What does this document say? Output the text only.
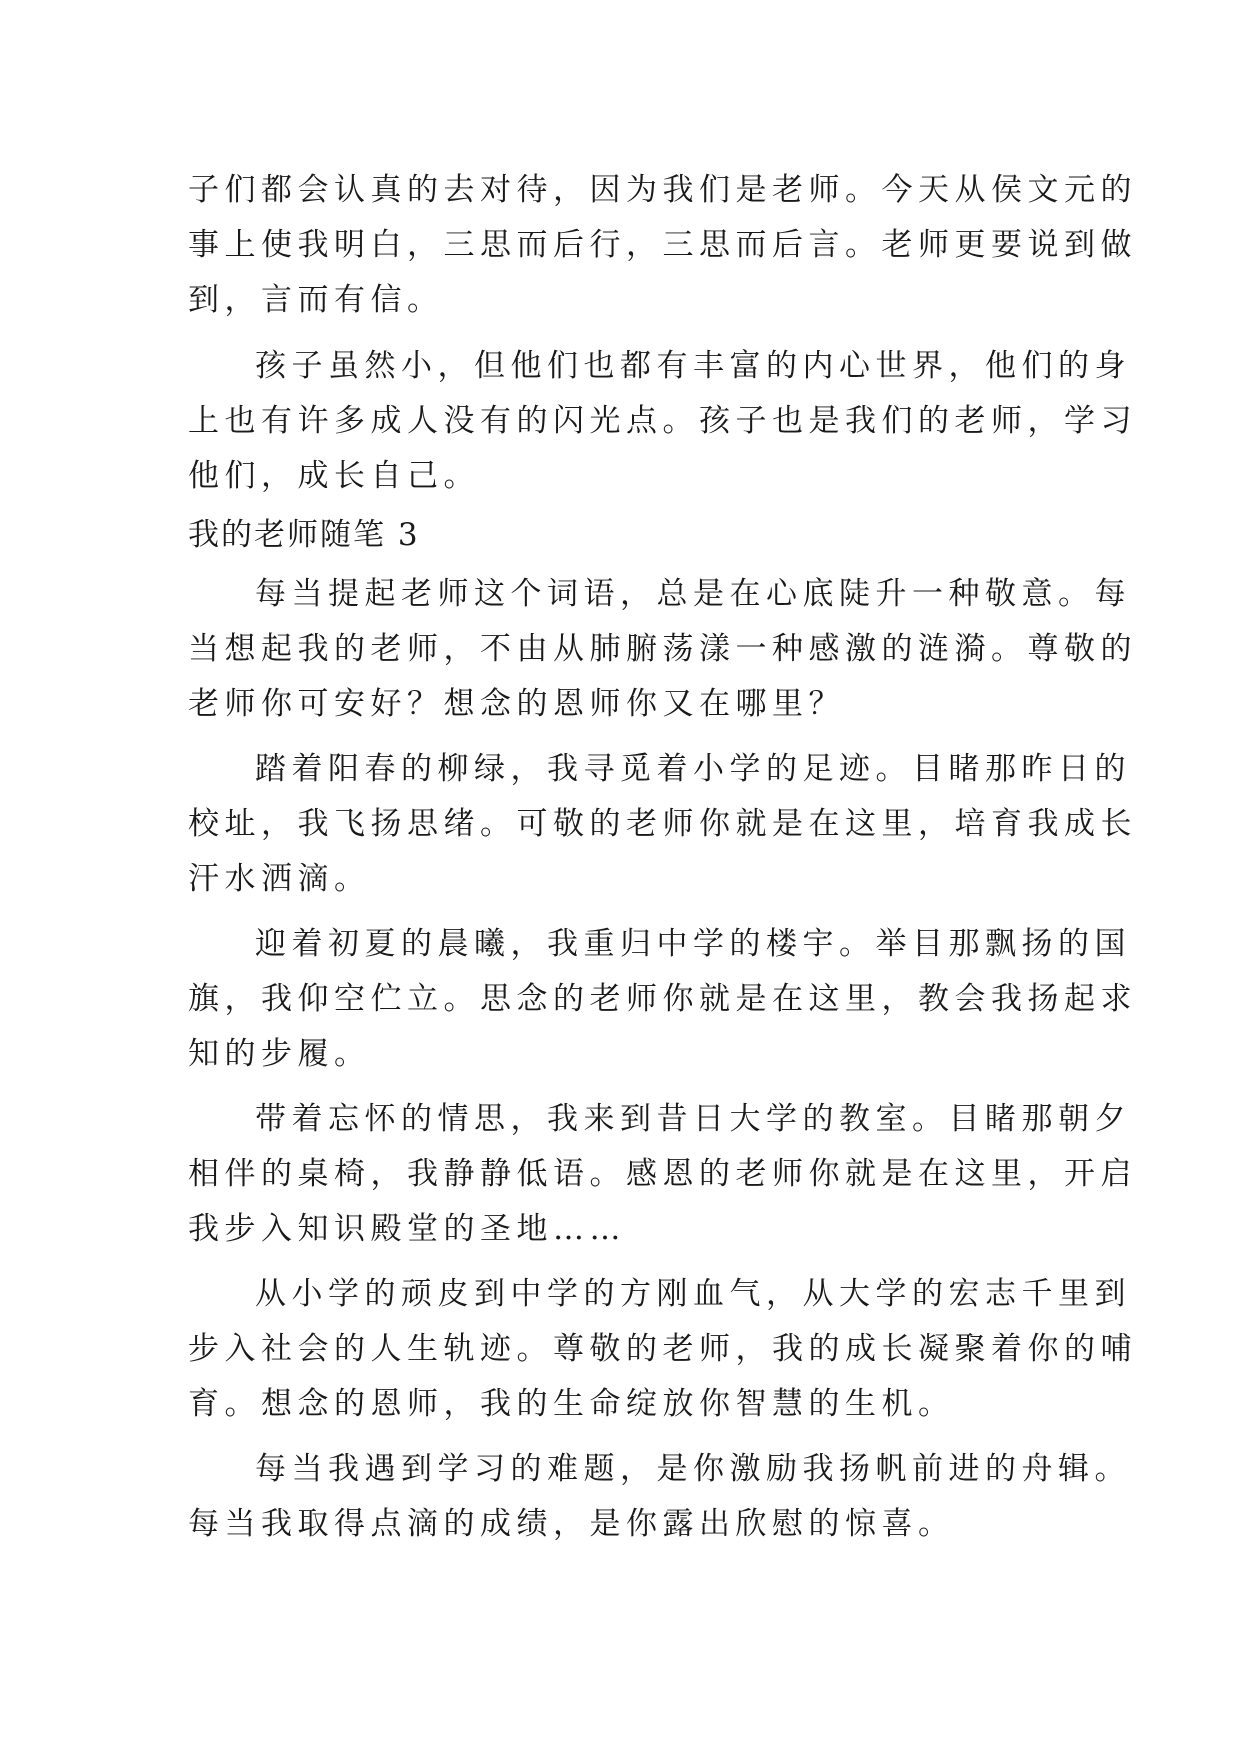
子们都会认真的去对待，因为我们是老师。今天从侯文元的
事上使我明白，三思而后行，三思而后言。老师更要说到做
到，言而有信。
孩子虽然小，但他们也都有丰富的内心世界，他们的身
上也有许多成人没有的闪光点。孩子也是我们的老师，学习
他们，成长自己。
我的老师随笔 3
每当提起老师这个词语，总是在心底陡升一种敬意。每
当想起我的老师，不由从肺腑荡漾一种感激的涟漪。尊敬的
老师你可安好？想念的恩师你又在哪里？
踏着阳春的柳绿，我寻觅着小学的足迹。目睹那昨日的
校址，我飞扬思绪。可敬的老师你就是在这里，培育我成长
汗水洒滴。
迎着初夏的晨曦，我重归中学的楼宇。举目那飘扬的国
旗，我仰空伫立。思念的老师你就是在这里，教会我扬起求
知的步履。
带着忘怀的情思，我来到昔日大学的教室。目睹那朝夕
相伴的桌椅，我静静低语。感恩的老师你就是在这里，开启
我步入知识殿堂的圣地……
从小学的顽皮到中学的方刚血气，从大学的宏志千里到
步入社会的人生轨迹。尊敬的老师，我的成长凝聚着你的哺
育。想念的恩师，我的生命绽放你智慧的生机。
每当我遇到学习的难题，是你激励我扬帆前进的舟辑。
每当我取得点滴的成绩，是你露出欣慰的惊喜。
